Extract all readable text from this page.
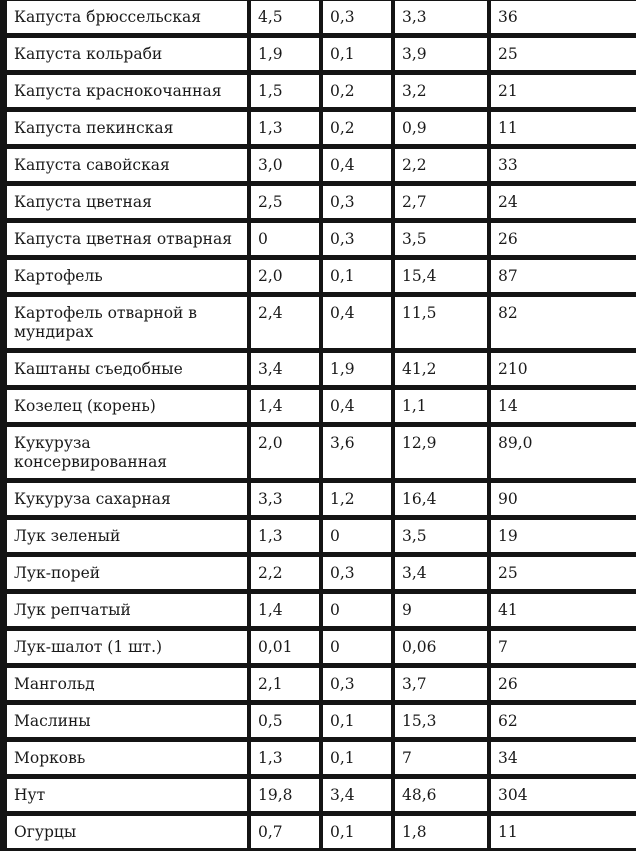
Капуста брюссельская	4,5	0,3	3,3	36
Капуста кольраби	1,9	0,1	3,9	25
Капуста краснокочанная	1,5	0,2	3,2	21
Капуста пекинская	1,3	0,2	0,9	11
Капуста савойская	3,0	0,4	2,2	33
Капуста цветная	2,5	0,3	2,7	24
Капуста цветная отварная	0	0,3	3,5	26
Картофель	2,0	0,1	15,4	87
Картофель отварной в мундирах	2,4	0,4	11,5	82
Каштаны съедобные	3,4	1,9	41,2	210
Козелец (корень)	1,4	0,4	1,1	14
Кукуруза консервированная	2,0	3,6	12,9	89,0
Кукуруза сахарная	3,3	1,2	16,4	90
Лук зеленый	1,3	0	3,5	19
Лук-порей	2,2	0,3	3,4	25
Лук репчатый	1,4	0	9	41
Лук-шалот (1 шт.)	0,01	0	0,06	7
Мангольд	2,1	0,3	3,7	26
Маслины	0,5	0,1	15,3	62
Морковь	1,3	0,1	7	34
Нут	19,8	3,4	48,6	304
Огурцы	0,7	0,1	1,8	11
